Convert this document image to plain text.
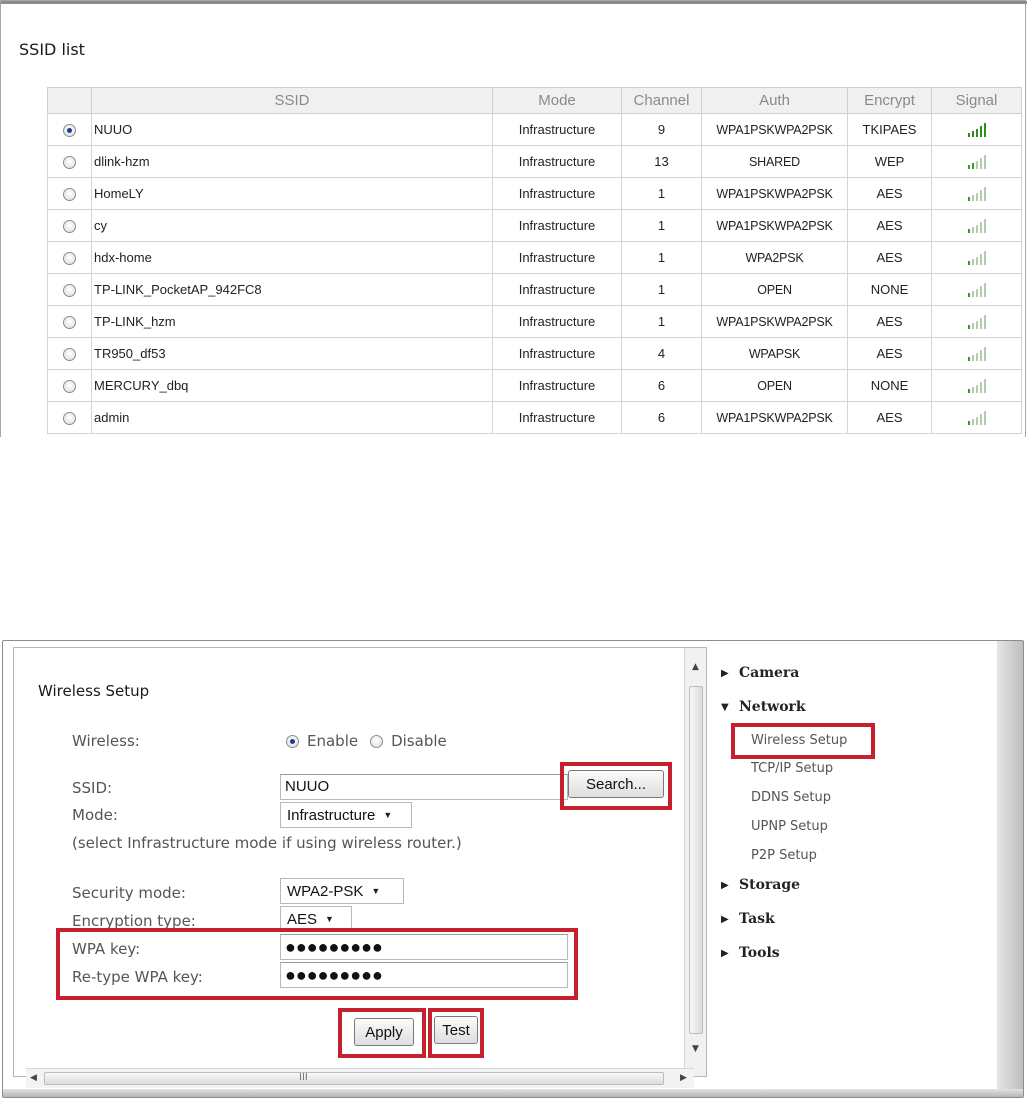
SSID list
	SSID	Mode	Channel	Auth	Encrypt	Signal
	NUUO	Infrastructure	9	WPA1PSKWPA2PSK	TKIPAES	
	dlink-hzm	Infrastructure	13	SHARED	WEP	
	HomeLY	Infrastructure	1	WPA1PSKWPA2PSK	AES	
	cy	Infrastructure	1	WPA1PSKWPA2PSK	AES	
	hdx-home	Infrastructure	1	WPA2PSK	AES	
	TP-LINK_PocketAP_942FC8	Infrastructure	1	OPEN	NONE	
	TP-LINK_hzm	Infrastructure	1	WPA1PSKWPA2PSK	AES	
	TR950_df53	Infrastructure	4	WPAPSK	AES	
	MERCURY_dbq	Infrastructure	6	OPEN	NONE	
	admin	Infrastructure	6	WPA1PSKWPA2PSK	AES	
Wireless Setup
Wireless:	Enable Disable
SSID:	NUUO	Search...
Mode:	Infrastructure ▼
(select Infrastructure mode if using wireless router.)
Security mode:	WPA2-PSK ▼
Encryption type:	AES ▼
WPA key:	●●●●●●●●●
Re-type WPA key:	●●●●●●●●●
Apply	Test
▲
▼
◀	III	▶
▶ Camera
▼ Network
Wireless Setup
TCP/IP Setup
DDNS Setup
UPNP Setup
P2P Setup
▶ Storage
▶ Task
▶ Tools
